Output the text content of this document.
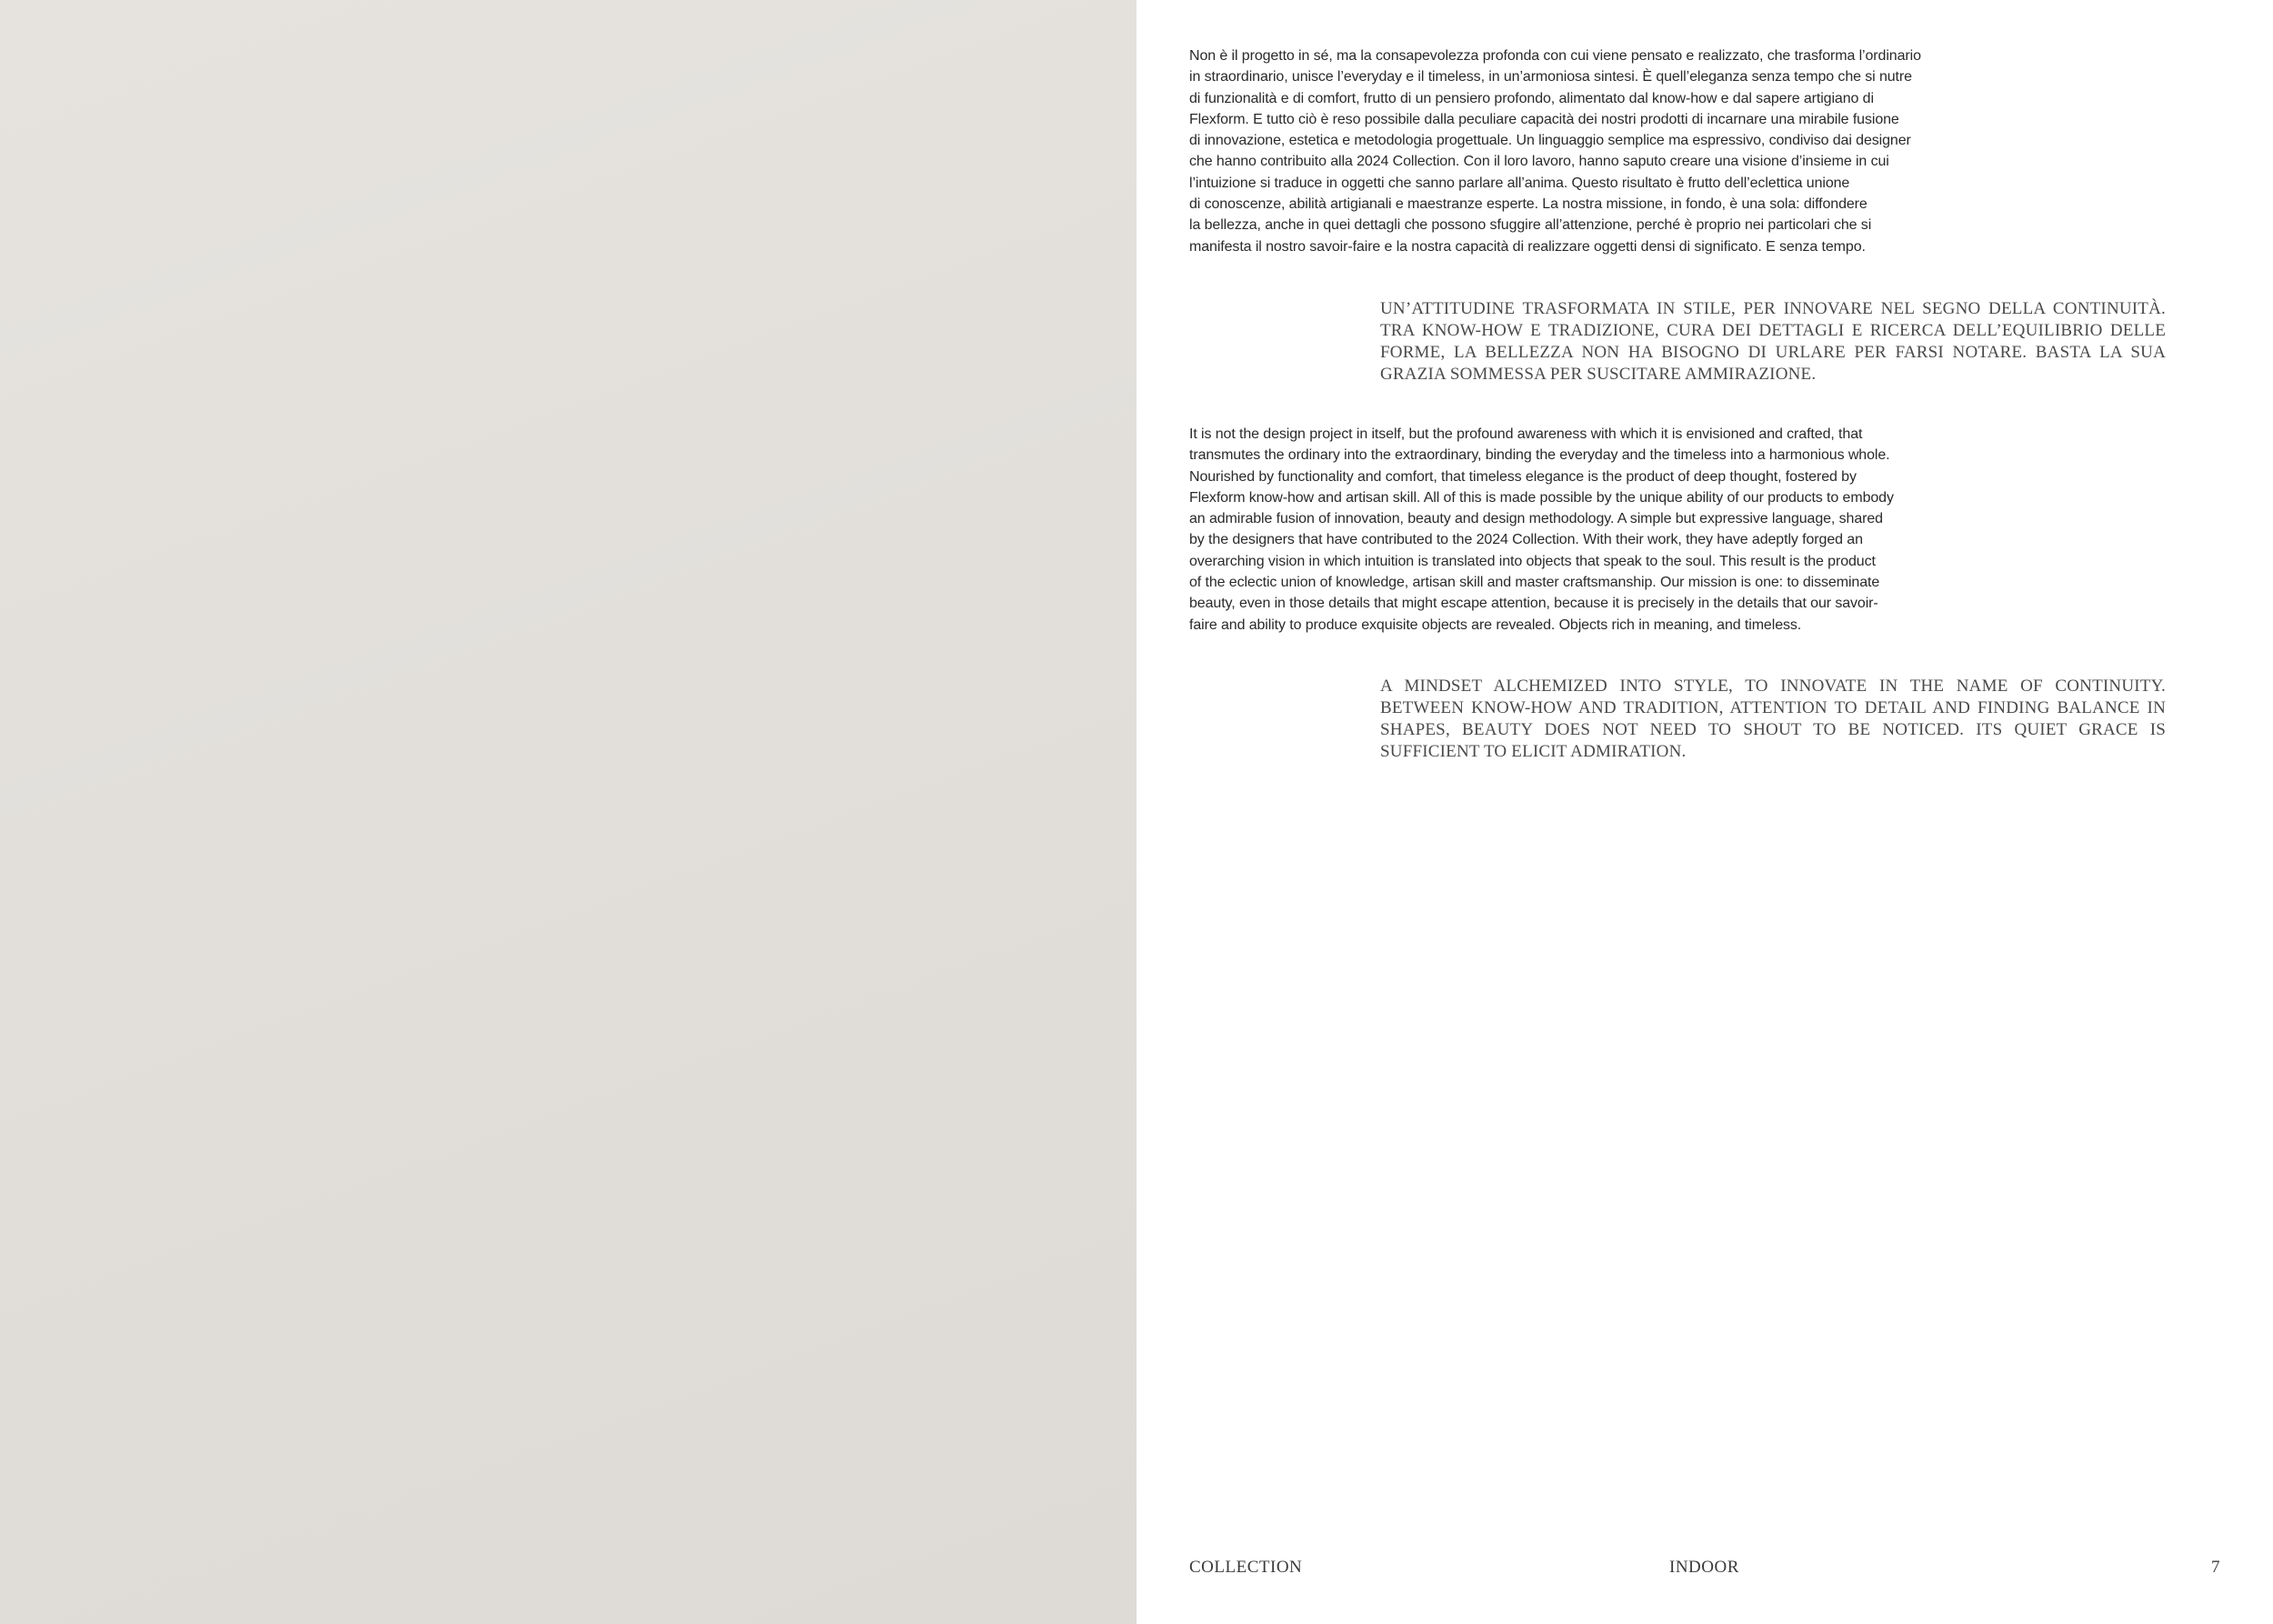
Non è il progetto in sé, ma la consapevolezza profonda con cui viene pensato e realizzato, che trasforma l’ordinario
in straordinario, unisce l’everyday e il timeless, in un’armoniosa sintesi. È quell’eleganza senza tempo che si nutre
di funzionalità e di comfort, frutto di un pensiero profondo, alimentato dal know-how e dal sapere artigiano di
Flexform. E tutto ciò è reso possibile dalla peculiare capacità dei nostri prodotti di incarnare una mirabile fusione
di innovazione, estetica e metodologia progettuale. Un linguaggio semplice ma espressivo, condiviso dai designer
che hanno contribuito alla 2024 Collection. Con il loro lavoro, hanno saputo creare una visione d’insieme in cui
l’intuizione si traduce in oggetti che sanno parlare all’anima. Questo risultato è frutto dell’eclettica unione
di conoscenze, abilità artigianali e maestranze esperte. La nostra missione, in fondo, è una sola: diffondere
la bellezza, anche in quei dettagli che possono sfuggire all’attenzione, perché è proprio nei particolari che si
manifesta il nostro savoir-faire e la nostra capacità di realizzare oggetti densi di significato. E senza tempo.

UN’ATTITUDINE TRASFORMATA IN STILE, PER INNOVARE NEL SEGNO DELLA CONTINUITÀ. TRA KNOW-HOW E TRADIZIONE, CURA DEI DETTAGLI E RICERCA DELL’EQUILIBRIO DELLE FORME, LA BELLEZZA NON HA BISOGNO DI URLARE PER FARSI NOTARE. BASTA LA SUA GRAZIA SOMMESSA PER SUSCITARE AMMIRAZIONE.

It is not the design project in itself, but the profound awareness with which it is envisioned and crafted, that
transmutes the ordinary into the extraordinary, binding the everyday and the timeless into a harmonious whole.
Nourished by functionality and comfort, that timeless elegance is the product of deep thought, fostered by
Flexform know-how and artisan skill. All of this is made possible by the unique ability of our products to embody
an admirable fusion of innovation, beauty and design methodology. A simple but expressive language, shared
by the designers that have contributed to the 2024 Collection. With their work, they have adeptly forged an
overarching vision in which intuition is translated into objects that speak to the soul. This result is the product
of the eclectic union of knowledge, artisan skill and master craftsmanship. Our mission is one: to disseminate
beauty, even in those details that might escape attention, because it is precisely in the details that our savoir-
faire and ability to produce exquisite objects are revealed. Objects rich in meaning, and timeless.

A MINDSET ALCHEMIZED INTO STYLE, TO INNOVATE IN THE NAME OF CONTINUITY. BETWEEN KNOW-HOW AND TRADITION, ATTENTION TO DETAIL AND FINDING BALANCE IN SHAPES, BEAUTY DOES NOT NEED TO SHOUT TO BE NOTICED. ITS QUIET GRACE IS SUFFICIENT TO ELICIT ADMIRATION.

COLLECTION	INDOOR	7
